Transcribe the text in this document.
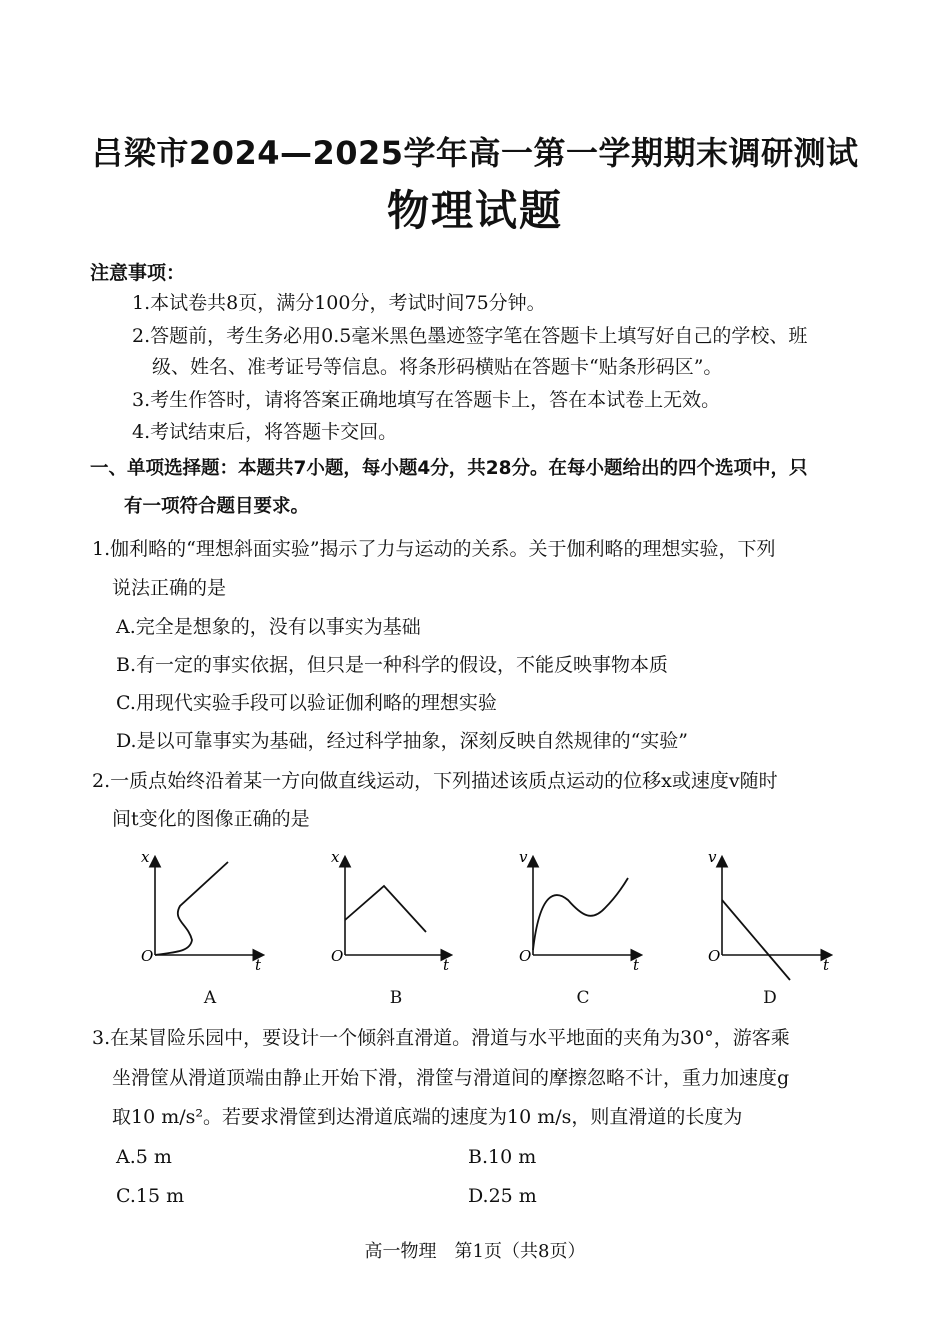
吕梁市2024—2025学年高一第一学期期末调研测试
物理试题
注意事项：
1.本试卷共8页，满分100分，考试时间75分钟。
2.答题前，考生务必用0.5毫米黑色墨迹签字笔在答题卡上填写好自己的学校、班
级、姓名、准考证号等信息。将条形码横贴在答题卡“贴条形码区”。
3.考生作答时，请将答案正确地填写在答题卡上，答在本试卷上无效。
4.考试结束后，将答题卡交回。
一、单项选择题：本题共7小题，每小题4分，共28分。在每小题给出的四个选项中，只
有一项符合题目要求。
1.伽利略的“理想斜面实验”揭示了力与运动的关系。关于伽利略的理想实验，下列
说法正确的是
A.完全是想象的，没有以事实为基础
B.有一定的事实依据，但只是一种科学的假设，不能反映事物本质
C.用现代实验手段可以验证伽利略的理想实验
D.是以可靠事实为基础，经过科学抽象，深刻反映自然规律的“实验”
2.一质点始终沿着某一方向做直线运动，下列描述该质点运动的位移x或速度v随时
间t变化的图像正确的是
x
O	t
x
O	t
v
O	t
v
O	t
A	B	C	D
3.在某冒险乐园中，要设计一个倾斜直滑道。滑道与水平地面的夹角为30°，游客乘
坐滑筐从滑道顶端由静止开始下滑，滑筐与滑道间的摩擦忽略不计，重力加速度g
取10 m/s²。若要求滑筐到达滑道底端的速度为10 m/s，则直滑道的长度为
A.5 m	B.10 m
C.15 m	D.25 m
高一物理　第1页（共8页）
